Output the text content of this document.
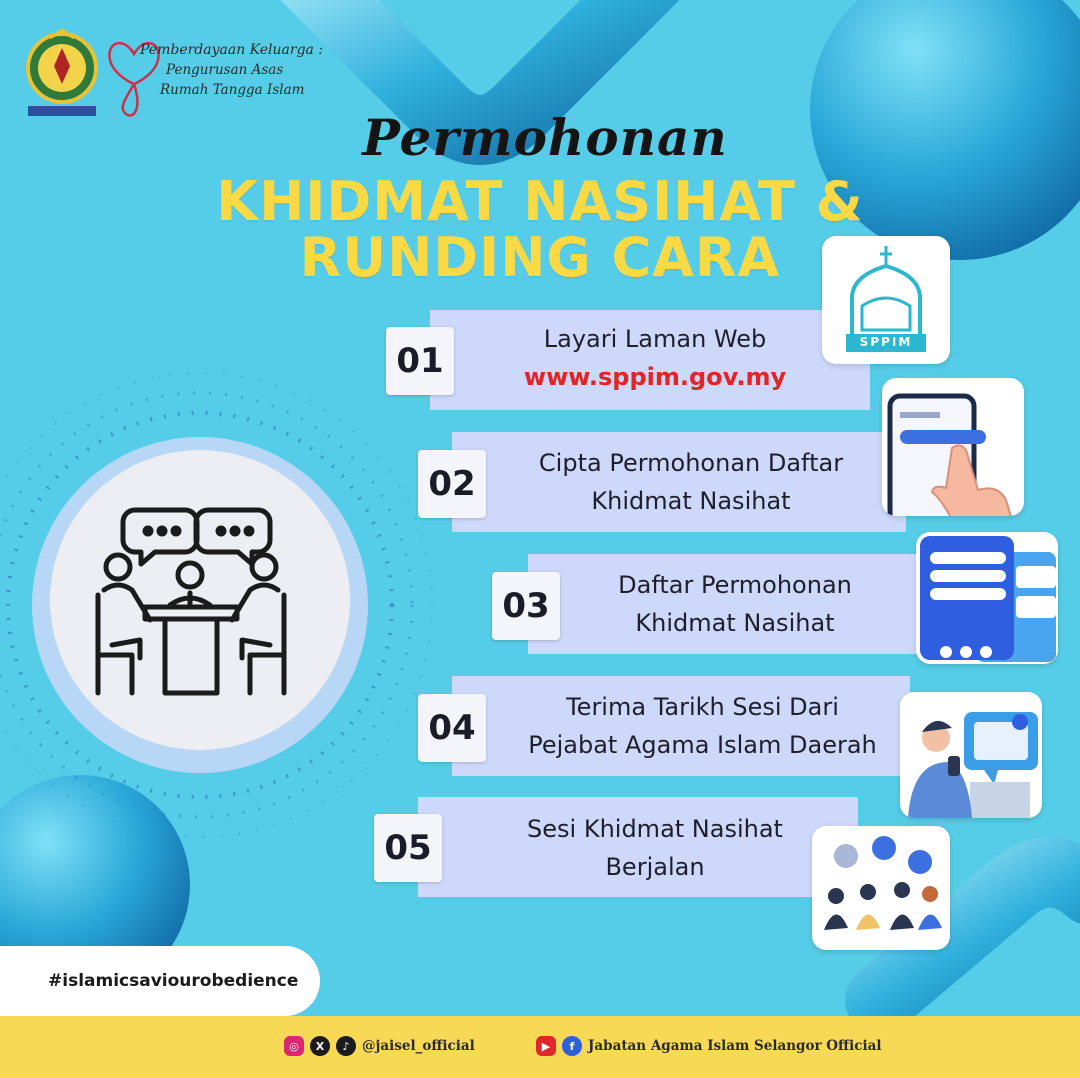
Pemberdayaan Keluarga :
Pengurusan Asas
Rumah Tangga Islam
Permohonan
KHIDMAT NASIHAT &
RUNDING CARA
01
Layari Laman Web
www.sppim.gov.my
02
Cipta Permohonan Daftar
Khidmat Nasihat
03
Daftar Permohonan
Khidmat Nasihat
04
Terima Tarikh Sesi Dari
Pejabat Agama Islam Daerah
05	Sesi Khidmat Nasihat
Berjalan
SPPIM
#islamicsaviourobedience
◎	X	♪ @jaisel_official	▶	f	Jabatan Agama Islam Selangor Official
